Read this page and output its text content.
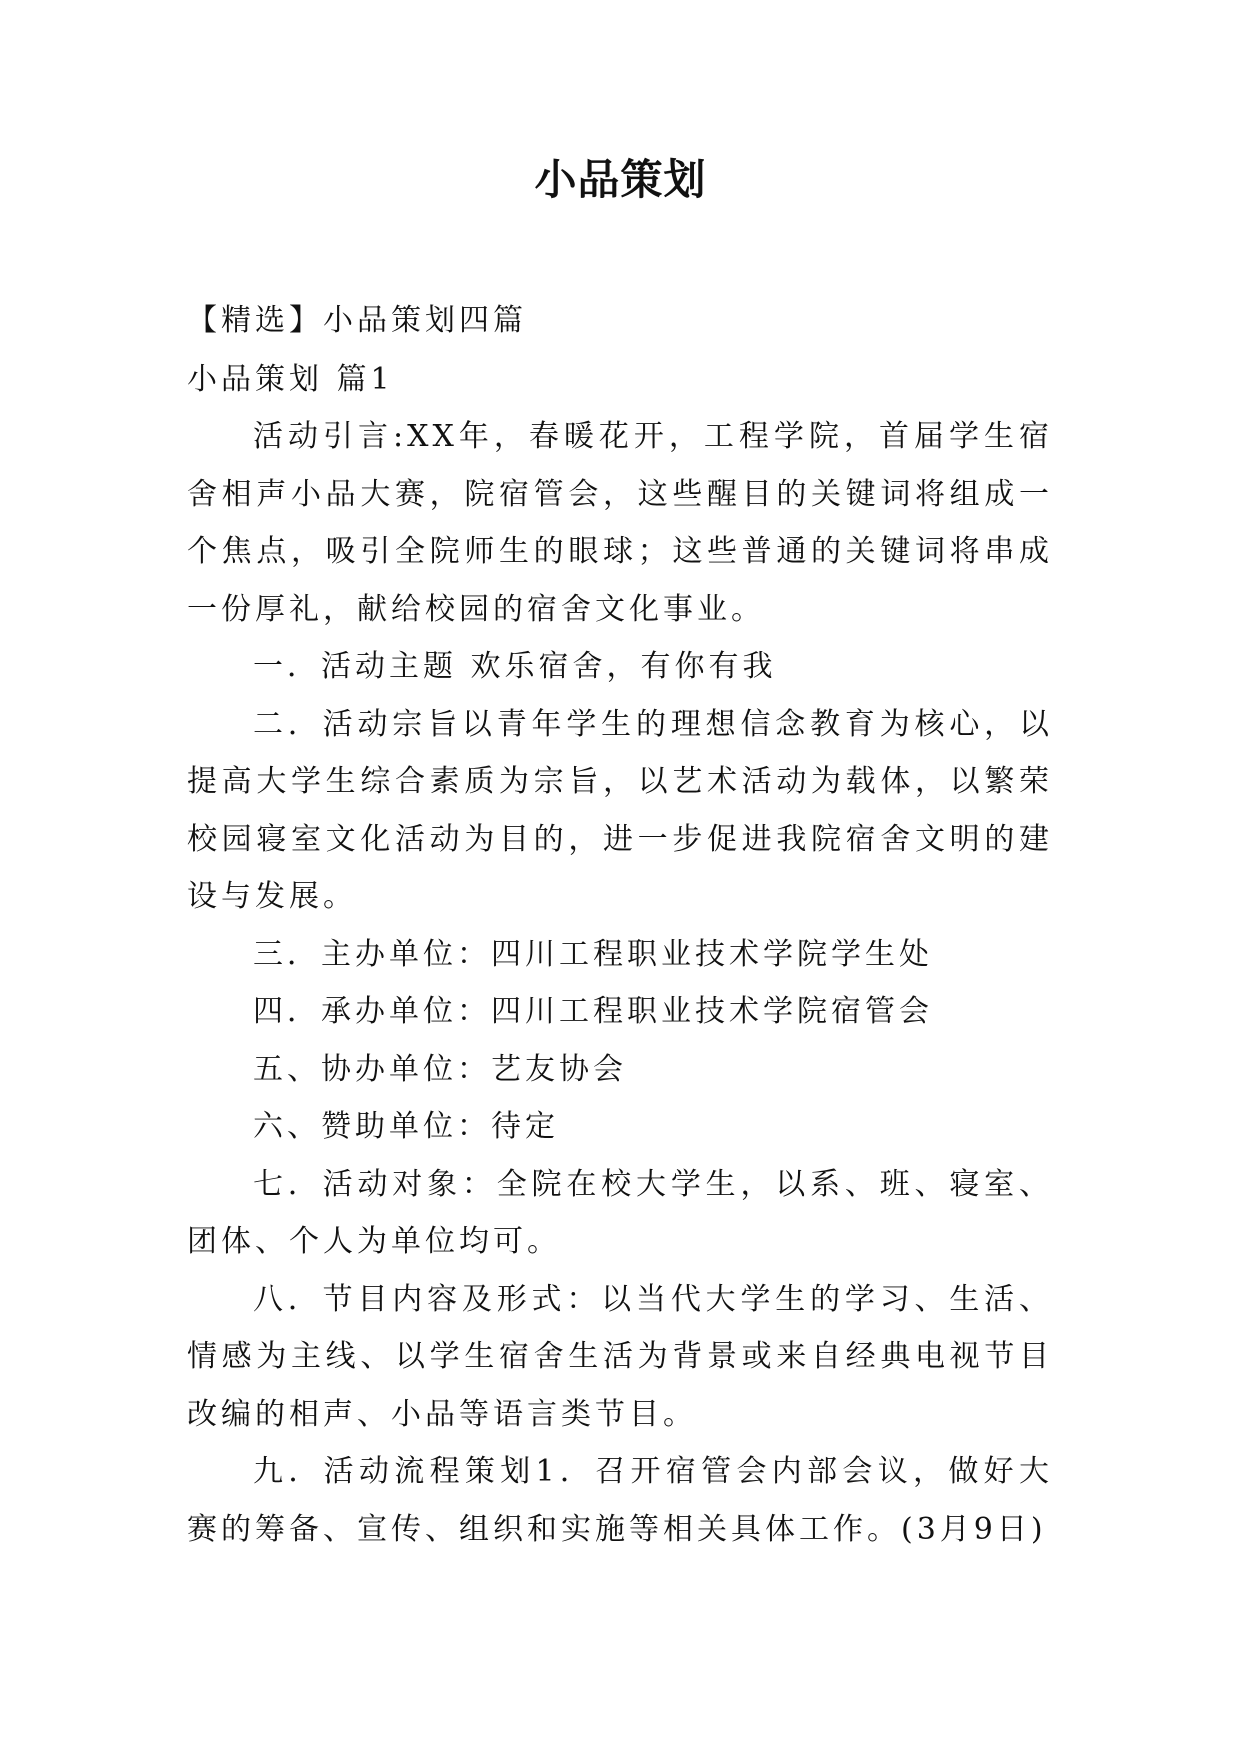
小品策划

【精选】小品策划四篇

小品策划 篇1

活动引言:XX年，春暖花开，工程学院，首届学生宿舍相声小品大赛，院宿管会，这些醒目的关键词将组成一个焦点，吸引全院师生的眼球；这些普通的关键词将串成一份厚礼，献给校园的宿舍文化事业。

一．活动主题 欢乐宿舍，有你有我

二．活动宗旨以青年学生的理想信念教育为核心，以提高大学生综合素质为宗旨，以艺术活动为载体，以繁荣校园寝室文化活动为目的，进一步促进我院宿舍文明的建设与发展。

三．主办单位：四川工程职业技术学院学生处

四．承办单位：四川工程职业技术学院宿管会

五、协办单位：艺友协会

六、赞助单位：待定

七．活动对象：全院在校大学生，以系、班、寝室、团体、个人为单位均可。

八．节目内容及形式：以当代大学生的学习、生活、情感为主线、以学生宿舍生活为背景或来自经典电视节目改编的相声、小品等语言类节目。

九．活动流程策划1．召开宿管会内部会议，做好大赛的筹备、宣传、组织和实施等相关具体工作。(3月9日)
